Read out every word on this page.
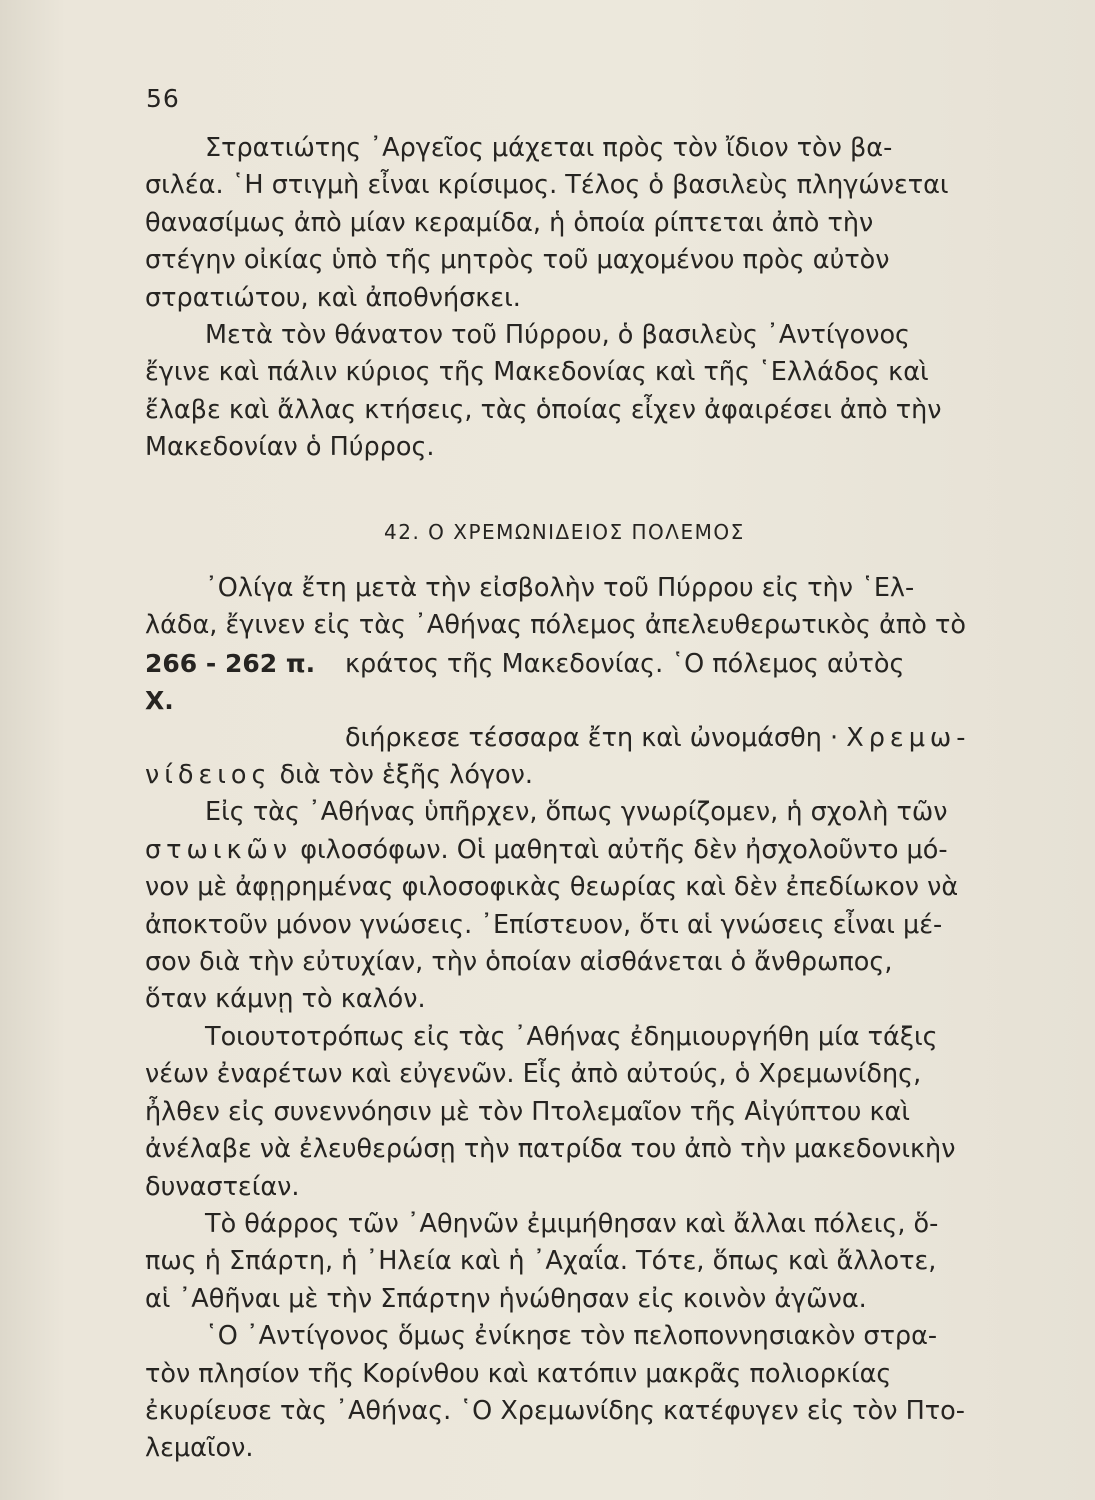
56
Στρατιώτης ᾿Αργεῖος μάχεται πρὸς τὸν ἴδιον τὸν βα-
σιλέα. ῾Η στιγμὴ εἶναι κρίσιμος. Τέλος ὁ βασιλεὺς πληγώνεται
θανασίμως ἀπὸ μίαν κεραμίδα, ἡ ὁποία ρίπτεται ἀπὸ τὴν
στέγην οἰκίας ὑπὸ τῆς μητρὸς τοῦ μαχομένου πρὸς αὐτὸν
στρατιώτου, καὶ ἀποθνήσκει.
Μετὰ τὸν θάνατον τοῦ Πύρρου, ὁ βασιλεὺς ᾿Αντίγονος
ἔγινε καὶ πάλιν κύριος τῆς Μακεδονίας καὶ τῆς ῾Ελλάδος καὶ
ἔλαβε καὶ ἄλλας κτήσεις, τὰς ὁποίας εἶχεν ἀφαιρέσει ἀπὸ τὴν
Μακεδονίαν ὁ Πύρρος.
42. Ο ΧΡΕΜΩΝΙΔΕΙΟΣ ΠΟΛΕΜΟΣ
᾿Ολίγα ἔτη μετὰ τὴν εἰσβολὴν τοῦ Πύρρου εἰς τὴν ῾Ελ-
λάδα, ἔγινεν εἰς τὰς ᾿Αθήνας πόλεμος ἀπελευθερωτικὸς ἀπὸ τὸ
266 - 262 π. Χ.
κράτος τῆς Μακεδονίας. ῾Ο πόλεμος αὐτὸς
διήρκεσε τέσσαρα ἔτη καὶ ὠνομάσθη · Χρεμω-
νίδειος διὰ τὸν ἑξῆς λόγον.
Εἰς τὰς ᾿Αθήνας ὑπῆρχεν, ὅπως γνωρίζομεν, ἡ σχολὴ τῶν
στωικῶν φιλοσόφων. Οἱ μαθηταὶ αὐτῆς δὲν ἠσχολοῦντο μό-
νον μὲ ἀφῃρημένας φιλοσοφικὰς θεωρίας καὶ δὲν ἐπεδίωκον νὰ
ἀποκτοῦν μόνον γνώσεις. ᾿Επίστευον, ὅτι αἱ γνώσεις εἶναι μέ-
σον διὰ τὴν εὐτυχίαν, τὴν ὁποίαν αἰσθάνεται ὁ ἄνθρωπος,
ὅταν κάμνῃ τὸ καλόν.
Τοιουτοτρόπως εἰς τὰς ᾿Αθήνας ἐδημιουργήθη μία τάξις
νέων ἐναρέτων καὶ εὐγενῶν. Εἷς ἀπὸ αὐτούς, ὁ Χρεμωνίδης,
ἦλθεν εἰς συνεννόησιν μὲ τὸν Πτολεμαῖον τῆς Αἰγύπτου καὶ
ἀνέλαβε νὰ ἐλευθερώσῃ τὴν πατρίδα του ἀπὸ τὴν μακεδονικὴν
δυναστείαν.
Τὸ θάρρος τῶν ᾿Αθηνῶν ἐμιμήθησαν καὶ ἄλλαι πόλεις, ὅ-
πως ἡ Σπάρτη, ἡ ᾿Ηλεία καὶ ἡ ᾿Αχαΐα. Τότε, ὅπως καὶ ἄλλοτε,
αἱ ᾿Αθῆναι μὲ τὴν Σπάρτην ἡνώθησαν εἰς κοινὸν ἀγῶνα.
῾Ο ᾿Αντίγονος ὅμως ἐνίκησε τὸν πελοποννησιακὸν στρα-
τὸν πλησίον τῆς Κορίνθου καὶ κατόπιν μακρᾶς πολιορκίας
ἐκυρίευσε τὰς ᾿Αθήνας. ῾Ο Χρεμωνίδης κατέφυγεν εἰς τὸν Πτο-
λεμαῖον.
